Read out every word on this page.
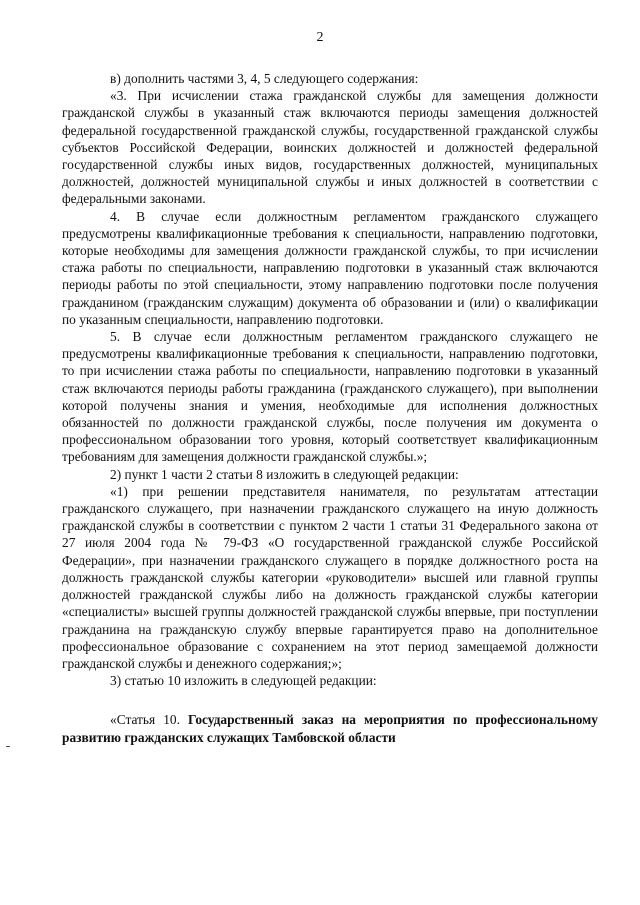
2

в) дополнить частями 3, 4, 5 следующего содержания:

«3. При исчислении стажа гражданской службы для замещения должности гражданской службы в указанный стаж включаются периоды замещения должностей федеральной государственной гражданской службы, государственной гражданской службы субъектов Российской Федерации, воинских должностей и должностей федеральной государственной службы иных видов, государственных должностей, муниципальных должностей, должностей муниципальной службы и иных должностей в соответствии с федеральными законами.

4. В случае если должностным регламентом гражданского служащего предусмотрены квалификационные требования к специальности, направлению подготовки, которые необходимы для замещения должности гражданской службы, то при исчислении стажа работы по специальности, направлению подготовки в указанный стаж включаются периоды работы по этой специальности, этому направлению подготовки после получения гражданином (гражданским служащим) документа об образовании и (или) о квалификации по указанным специальности, направлению подготовки.

5. В случае если должностным регламентом гражданского служащего не предусмотрены квалификационные требования к специальности, направлению подготовки, то при исчислении стажа работы по специальности, направлению подготовки в указанный стаж включаются периоды работы гражданина (гражданского служащего), при выполнении которой получены знания и умения, необходимые для исполнения должностных обязанностей по должности гражданской службы, после получения им документа о профессиональном образовании того уровня, который соответствует квалификационным требованиям для замещения должности гражданской службы.»;

2) пункт 1 части 2 статьи 8 изложить в следующей редакции:

«1) при решении представителя нанимателя, по результатам аттестации гражданского служащего, при назначении гражданского служащего на иную должность гражданской службы в соответствии с пунктом 2 части 1 статьи 31 Федерального закона от 27 июля 2004 года № 79-ФЗ «О государственной гражданской службе Российской Федерации», при назначении гражданского служащего в порядке должностного роста на должность гражданской службы категории «руководители» высшей или главной группы должностей гражданской службы либо на должность гражданской службы категории «специалисты» высшей группы должностей гражданской службы впервые, при поступлении гражданина на гражданскую службу впервые гарантируется право на дополнительное профессиональное образование с сохранением на этот период замещаемой должности гражданской службы и денежного содержания;»;

3) статью 10 изложить в следующей редакции:

«Статья 10. Государственный заказ на мероприятия по профессиональному развитию гражданских служащих Тамбовской области
